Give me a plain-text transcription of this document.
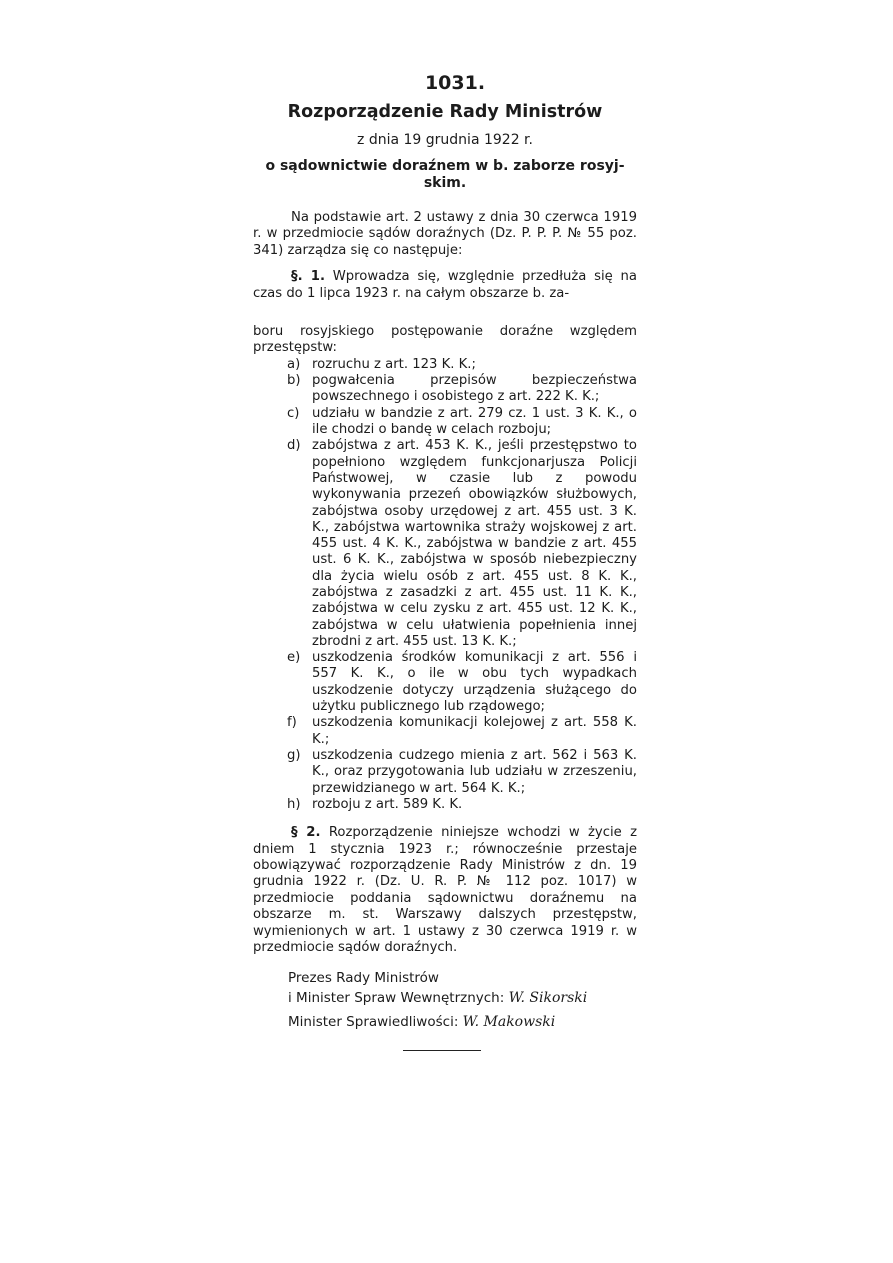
1031.
Rozporządzenie Rady Ministrów
z dnia 19 grudnia 1922 r.
o sądownictwie doraźnem w b. zaborze rosyj-
skim.

Na podstawie art. 2 ustawy z dnia 30 czerwca 1919 r. w przedmiocie sądów doraźnych (Dz. P. P. P. № 55 poz. 341) zarządza się co następuje:

§. 1. Wprowadza się, względnie przedłuża się na czas do 1 lipca 1923 r. na całym obszarze b. za-

boru rosyjskiego postępowanie doraźne względem przestępstw:

a) rozruchu z art. 123 K. K.;
b) pogwałcenia przepisów bezpieczeństwa powszechnego i osobistego z art. 222 K. K.;
c) udziału w bandzie z art. 279 cz. 1 ust. 3 K. K., o ile chodzi o bandę w celach rozboju;
d) zabójstwa z art. 453 K. K., jeśli przestępstwo to popełniono względem funkcjonarjusza Policji Państwowej, w czasie lub z powodu wykonywania przezeń obowiązków służbowych, zabójstwa osoby urzędowej z art. 455 ust. 3 K. K., zabójstwa wartownika straży wojskowej z art. 455 ust. 4 K. K., zabójstwa w bandzie z art. 455 ust. 6 K. K., zabójstwa w sposób niebezpieczny dla życia wielu osób z art. 455 ust. 8 K. K., zabójstwa z zasadzki z art. 455 ust. 11 K. K., zabójstwa w celu zysku z art. 455 ust. 12 K. K., zabójstwa w celu ułatwienia popełnienia innej zbrodni z art. 455 ust. 13 K. K.;
e) uszkodzenia środków komunikacji z art. 556 i 557 K. K., o ile w obu tych wypadkach uszkodzenie dotyczy urządzenia służącego do użytku publicznego lub rządowego;
f)	uszkodzenia komunikacji kolejowej z art. 558 K. K.;
g) uszkodzenia cudzego mienia z art. 562 i 563 K. K., oraz przygotowania lub udziału w zrzeszeniu, przewidzianego w art. 564 K. K.;
h) rozboju z art. 589 K. K.

§ 2. Rozporządzenie niniejsze wchodzi w życie z dniem 1 stycznia 1923 r.; równocześnie przestaje obowiązywać rozporządzenie Rady Ministrów z dn. 19 grudnia 1922 r. (Dz. U. R. P. № 112 poz. 1017) w przedmiocie poddania sądownictwu doraźnemu na obszarze m. st. Warszawy dalszych przestępstw, wymienionych w art. 1 ustawy z 30 czerwca 1919 r. w przedmiocie sądów doraźnych.

Prezes Rady Ministrów
i Minister Spraw Wewnętrznych: W. Sikorski
Minister Sprawiedliwości: W. Makowski
